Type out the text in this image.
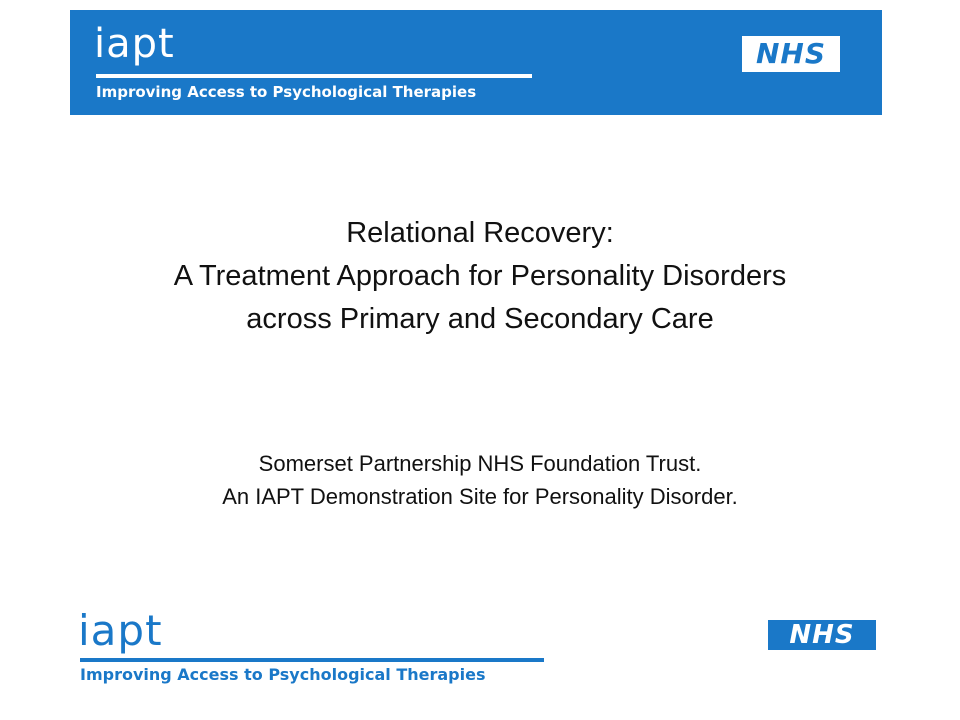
iapt
Improving Access to Psychological Therapies
NHS
Relational Recovery:
A Treatment Approach for Personality Disorders
across Primary and Secondary Care
Somerset Partnership NHS Foundation Trust.
An IAPT Demonstration Site for Personality Disorder.
iapt
Improving Access to Psychological Therapies
NHS
